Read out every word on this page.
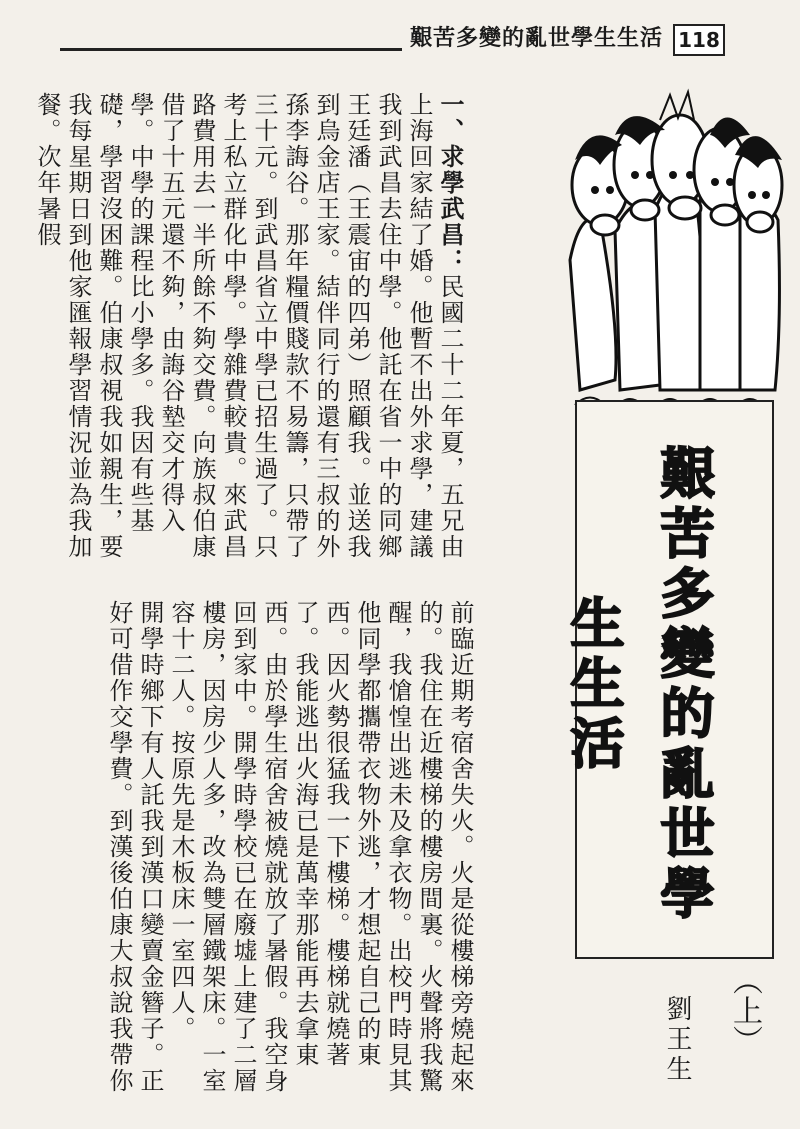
艱苦多變的亂世學生生活 118
一、求學武昌：民國二十二年夏，五兄由上海回家結了婚。他暫不出外求學，建議我到武昌去住中學。他託在省一中的同鄉王廷潘（王震宙的四弟）照顧我。並送我到烏金店王家。結伴同行的還有三叔的外孫李誨谷。那年糧價賤款不易籌，只帶了三十元。到武昌省立中學已招生過了。只考上私立群化中學。學雜費較貴。來武昌路費用去一半所餘不夠交費。向族叔伯康借了十五元還不夠，由誨谷墊交才得入學。中學的課程比小學多。我因有些基礎，學習沒困難。伯康叔視我如親生，要我每星期日到他家匯報學習情況並為我加餐。次年暑假
前臨近期考宿舍失火。火是從樓梯旁燒起來的。我住在近樓梯的樓房間裏。火聲將我驚醒，我愴惶出逃未及拿衣物。出校門時見其他同學都攜帶衣物外逃，才想起自己的東西。因火勢很猛我一下樓梯。樓梯就燒著了。我能逃出火海已是萬幸那能再去拿東西。由於學生宿舍被燒就放了暑假。我空身回到家中。開學時學校已在廢墟上建了二層樓房，因房少人多，改為雙層鐵架床。一室容十二人。按原先是木板床一室四人。
開學時鄉下有人託我到漢口變賣金簪子。正好可借作交學費。到漢後伯康大叔說我帶你	艱苦多變的亂世學生生活
（上）
劉王生
